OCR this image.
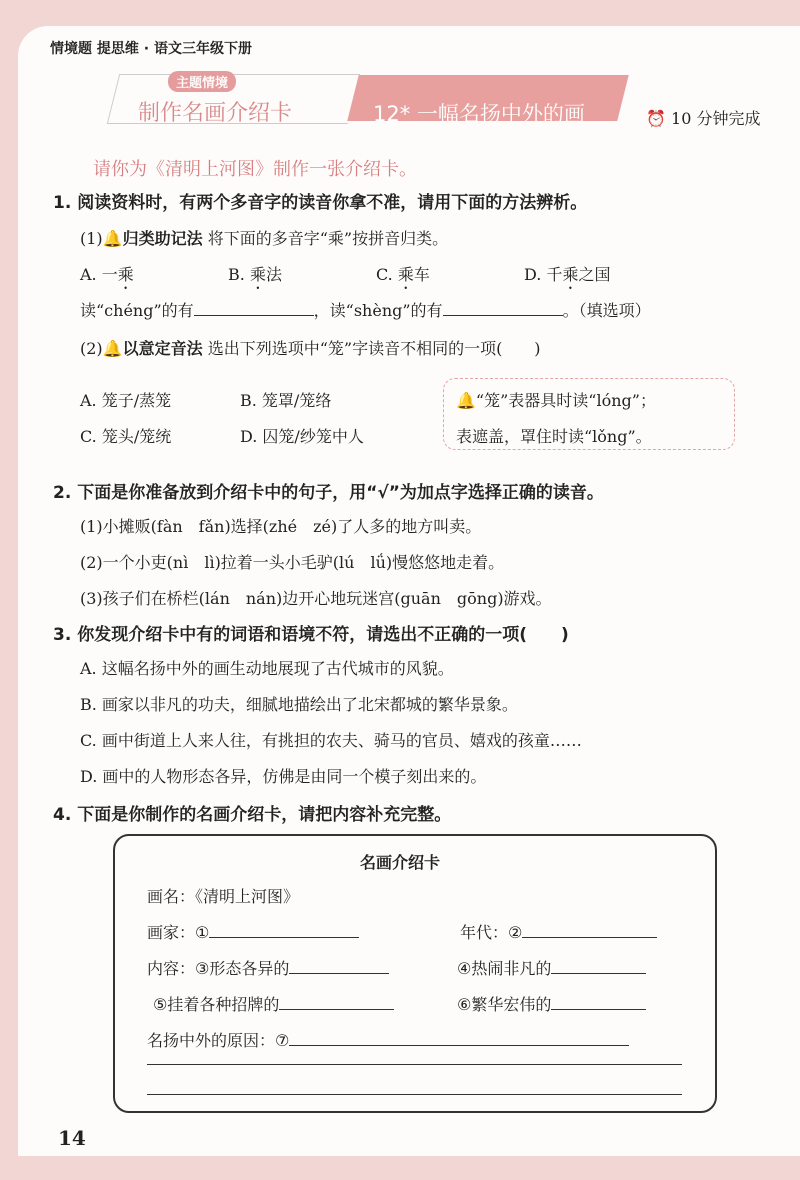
情境题 提思维 · 语文三年级下册
主题情境
制作名画介绍卡	12* 一幅名扬中外的画	⏰ 10 分钟完成
请你为《清明上河图》制作一张介绍卡。
1. 阅读资料时，有两个多音字的读音你拿不准，请用下面的方法辨析。
(1)🔔归类助记法 将下面的多音字“乘”按拼音归类。
A. 一乘	B. 乘法	C. 乘车	D. 千乘之国
读“chéng”的有	，读“shèng”的有	。（填选项）
(2)🔔以意定音法 选出下列选项中“笼”字读音不相同的一项(　　)
A. 笼子/蒸笼	B. 笼罩/笼络
C. 笼头/笼统	D. 囚笼/纱笼中人
🔔“笼”表器具时读“lóng”；
表遮盖，罩住时读“lǒng”。
2. 下面是你准备放到介绍卡中的句子，用“√”为加点字选择正确的读音。
(1)小摊贩(fàn　fǎn)选择(zhé　zé)了人多的地方叫卖。
(2)一个小吏(nì　lì)拉着一头小毛驴(lú　lǘ)慢悠悠地走着。
(3)孩子们在桥栏(lán　nán)边开心地玩迷宫(guān　gōng)游戏。
3. 你发现介绍卡中有的词语和语境不符，请选出不正确的一项(　　)
A. 这幅名扬中外的画生动地展现了古代城市的风貌。
B. 画家以非凡的功夫，细腻地描绘出了北宋都城的繁华景象。
C. 画中街道上人来人往，有挑担的农夫、骑马的官员、嬉戏的孩童……
D. 画中的人物形态各异，仿佛是由同一个模子刻出来的。
4. 下面是你制作的名画介绍卡，请把内容补充完整。
名画介绍卡
画名：《清明上河图》
画家：①	年代：②
内容：③形态各异的	④热闹非凡的
⑤挂着各种招牌的	⑥繁华宏伟的
名扬中外的原因：⑦
14
